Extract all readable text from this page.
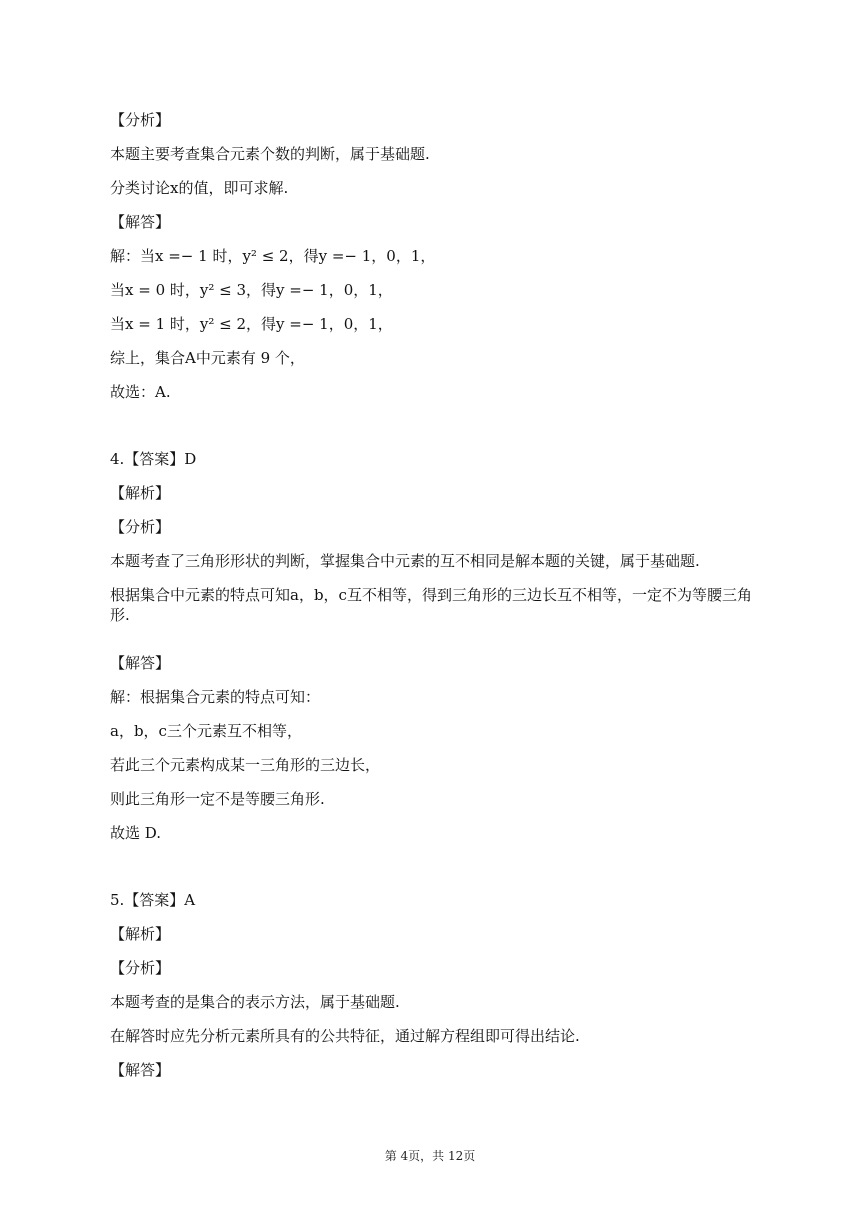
【分析】
本题主要考查集合元素个数的判断，属于基础题.
分类讨论x的值，即可求解.
【解答】
解：当x =− 1 时，y² ≤ 2，得y =− 1，0，1，
当x = 0 时，y² ≤ 3，得y =− 1，0，1，
当x = 1 时，y² ≤ 2，得y =− 1，0，1，
综上，集合A中元素有 9 个，
故选：A.
4.【答案】D
【解析】
【分析】
本题考查了三角形形状的判断，掌握集合中元素的互不相同是解本题的关键，属于基础题.
根据集合中元素的特点可知a，b，c互不相等，得到三角形的三边长互不相等，一定不为等腰三角形.
【解答】
解：根据集合元素的特点可知：
a，b，c三个元素互不相等，
若此三个元素构成某一三角形的三边长，
则此三角形一定不是等腰三角形.
故选 D.
5.【答案】A
【解析】
【分析】
本题考查的是集合的表示方法，属于基础题.
在解答时应先分析元素所具有的公共特征，通过解方程组即可得出结论.
【解答】
第 4页，共 12页
